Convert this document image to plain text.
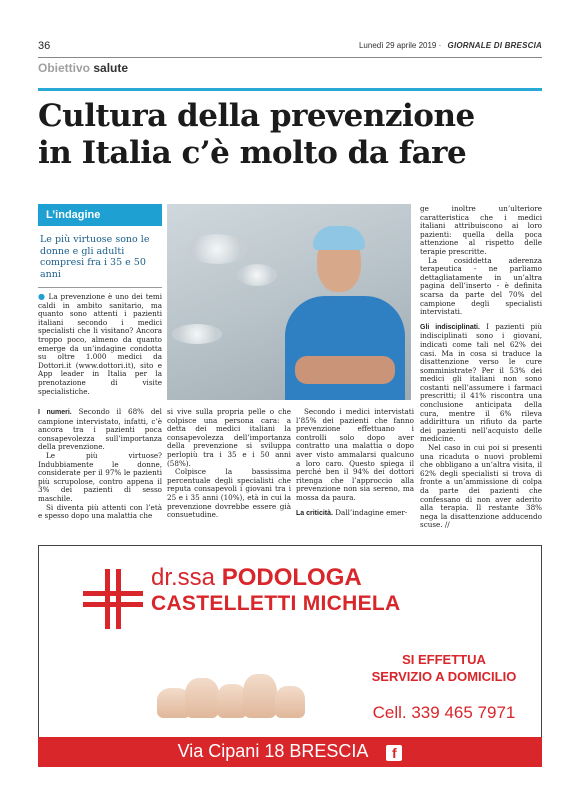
36	Lunedì 29 aprile 2019 · GIORNALE DI BRESCIA
Obiettivo salute
Cultura della prevenzione
in Italia c’è molto da fare
L’indagine
Le più virtuose sono le donne e gli adulti compresi fra i 35 e 50 anni

● La prevenzione è uno dei temi caldi in ambito sanitario, ma quanto sono attenti i pazienti italiani secondo i medici specialisti che li visitano? Ancora troppo poco, almeno da quanto emerge da un’indagine condotta su oltre 1.000 medici da Dottori.it (www.dottori.it), sito e App leader in Italia per la prenotazione di visite specialistiche.

I numeri. Secondo il 68% del campione intervistato, infatti, c’è ancora tra i pazienti poca consapevolezza sull’importanza della prevenzione.

Le più virtuose? Indubbiamente le donne, considerate per il 97% le pazienti più scrupolose, contro appena il 3% dei pazienti di sesso maschile.

Si diventa più attenti con l’età e spesso dopo una malattia che

si vive sulla propria pelle o che colpisce una persona cara: a detta dei medici italiani la consapevolezza dell’importanza della prevenzione si sviluppa perlopiù tra i 35 e i 50 anni (58%).

Colpisce la bassissima percentuale degli specialisti che reputa consapevoli i giovani tra i 25 e i 35 anni (10%), età in cui la prevenzione dovrebbe essere già consuetudine.

Secondo i medici intervistati l’85% dei pazienti che fanno prevenzione effettuano i controlli solo dopo aver contratto una malattia o dopo aver visto ammalarsi qualcuno a loro caro. Questo spiega il perché ben il 94% dei dottori ritenga che l’approccio alla prevenzione non sia sereno, ma mossa da paura.

La criticità. Dall’indagine emer-

ge inoltre un’ulteriore caratteristica che i medici italiani attribuiscono ai loro pazienti: quella della poca attenzione al rispetto delle terapie prescritte.

La cosiddetta aderenza terapeutica - ne parliamo dettagliatamente in un’altra pagina dell’inserto - è definita scarsa da parte del 70% del campione degli specialisti intervistati.

Gli indisciplinati. I pazienti più indisciplinati sono i giovani, indicati come tali nel 62% dei casi. Ma in cosa si traduce la disattenzione verso le cure somministrate? Per il 53% dei medici gli italiani non sono costanti nell’assumere i farmaci prescritti; il 41% riscontra una conclusione anticipata della cura, mentre il 6% rileva addirittura un rifiuto da parte dei pazienti nell’acquisto delle medicine.

Nel caso in cui poi si presenti una ricaduta o nuovi problemi che obbligano a un’altra visita, il 62% degli specialisti si trova di fronte a un’ammissione di colpa da parte dei pazienti che confessano di non aver aderito alla terapia. Il restante 38% nega la disattenzione adducendo scuse. //

dr.ssa PODOLOGA
CASTELLETTI MICHELA
SI EFFETTUA
SERVIZIO A DOMICILIO
Cell. 339 465 7971
Via Cipani 18 BRESCIA f
